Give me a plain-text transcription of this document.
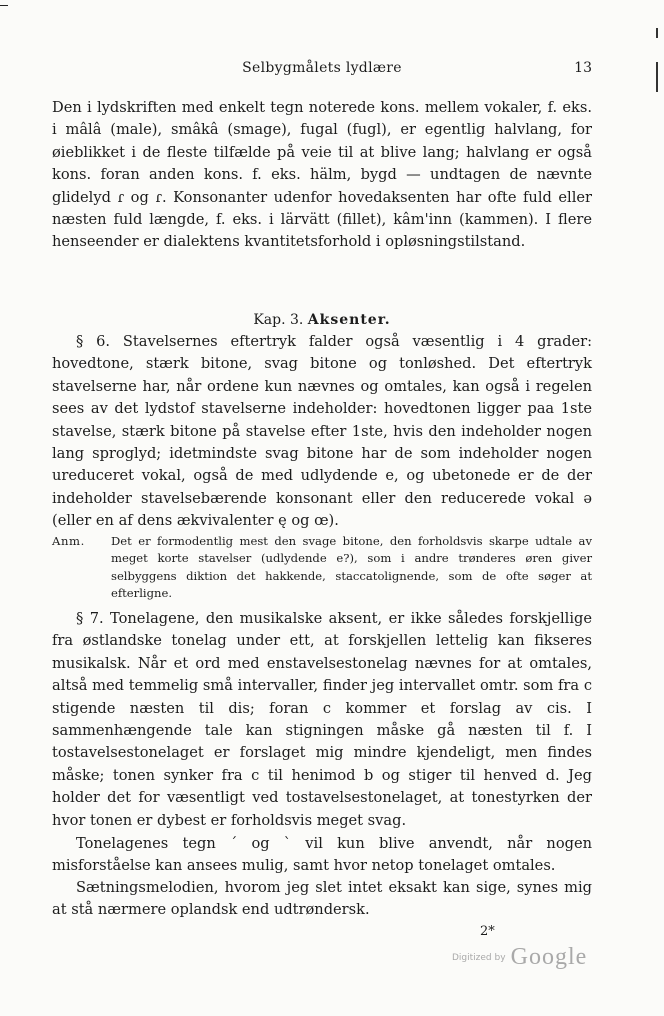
Selbygmålets lydlære	13

Den i lydskriften med enkelt tegn noterede kons. mellem vokaler, f. eks. i mâlâ (male), smâkâ (smage), fugal (fugl), er egentlig halvlang, for øieblikket i de fleste tilfælde på veie til at blive lang; halvlang er også kons. foran anden kons. f. eks. hälm, bygd — undtagen de nævnte glidelyd ɾ og ɾ. Konsonanter udenfor hovedaksenten har ofte fuld eller næsten fuld længde, f. eks. i lärvätt (fillet), kâm'inn (kammen). I flere henseender er dialektens kvantitetsforhold i opløsningstilstand.

Kap. 3. Aksenter.

§ 6. Stavelsernes eftertryk falder også væsentlig i 4 grader: hovedtone, stærk bitone, svag bitone og tonløshed. Det eftertryk stavelserne har, når ordene kun nævnes og omtales, kan også i regelen sees av det lydstof stavelserne indeholder: hovedtonen ligger paa 1ste stavelse, stærk bitone på stavelse efter 1ste, hvis den indeholder nogen lang sproglyd; idetmindste svag bitone har de som indeholder nogen ureduceret vokal, også de med udlydende e, og ubetonede er de der indeholder stavelsebærende konsonant eller den reducerede vokal ə (eller en af dens ækvivalenter ę og œ).

Anm. Det er formodentlig mest den svage bitone, den forholdsvis skarpe udtale av meget korte stavelser (udlydende e?), som i andre trønderes øren giver selbyggens diktion det hakkende, staccatolignende, som de ofte søger at efterligne.

§ 7. Tonelagene, den musikalske aksent, er ikke således forskjellige fra østlandske tonelag under ett, at forskjellen lettelig kan fikseres musikalsk. Når et ord med enstavelsestonelag nævnes for at omtales, altså med temmelig små intervaller, finder jeg intervallet omtr. som fra c stigende næsten til dis; foran c kommer et forslag av cis. I sammenhængende tale kan stigningen måske gå næsten til f. I tostavelsestonelaget er forslaget mig mindre kjendeligt, men findes måske; tonen synker fra c til henimod b og stiger til henved d. Jeg holder det for væsentligt ved tostavelsestonelaget, at tonestyrken der hvor tonen er dybest er forholdsvis meget svag.

Tonelagenes tegn ´ og ` vil kun blive anvendt, når nogen misforståelse kan ansees mulig, samt hvor netop tonelaget omtales.

Sætningsmelodien, hvorom jeg slet intet eksakt kan sige, synes mig at stå nærmere oplandsk end udtrøndersk.

2*
$^{Digitized by}$ Google
